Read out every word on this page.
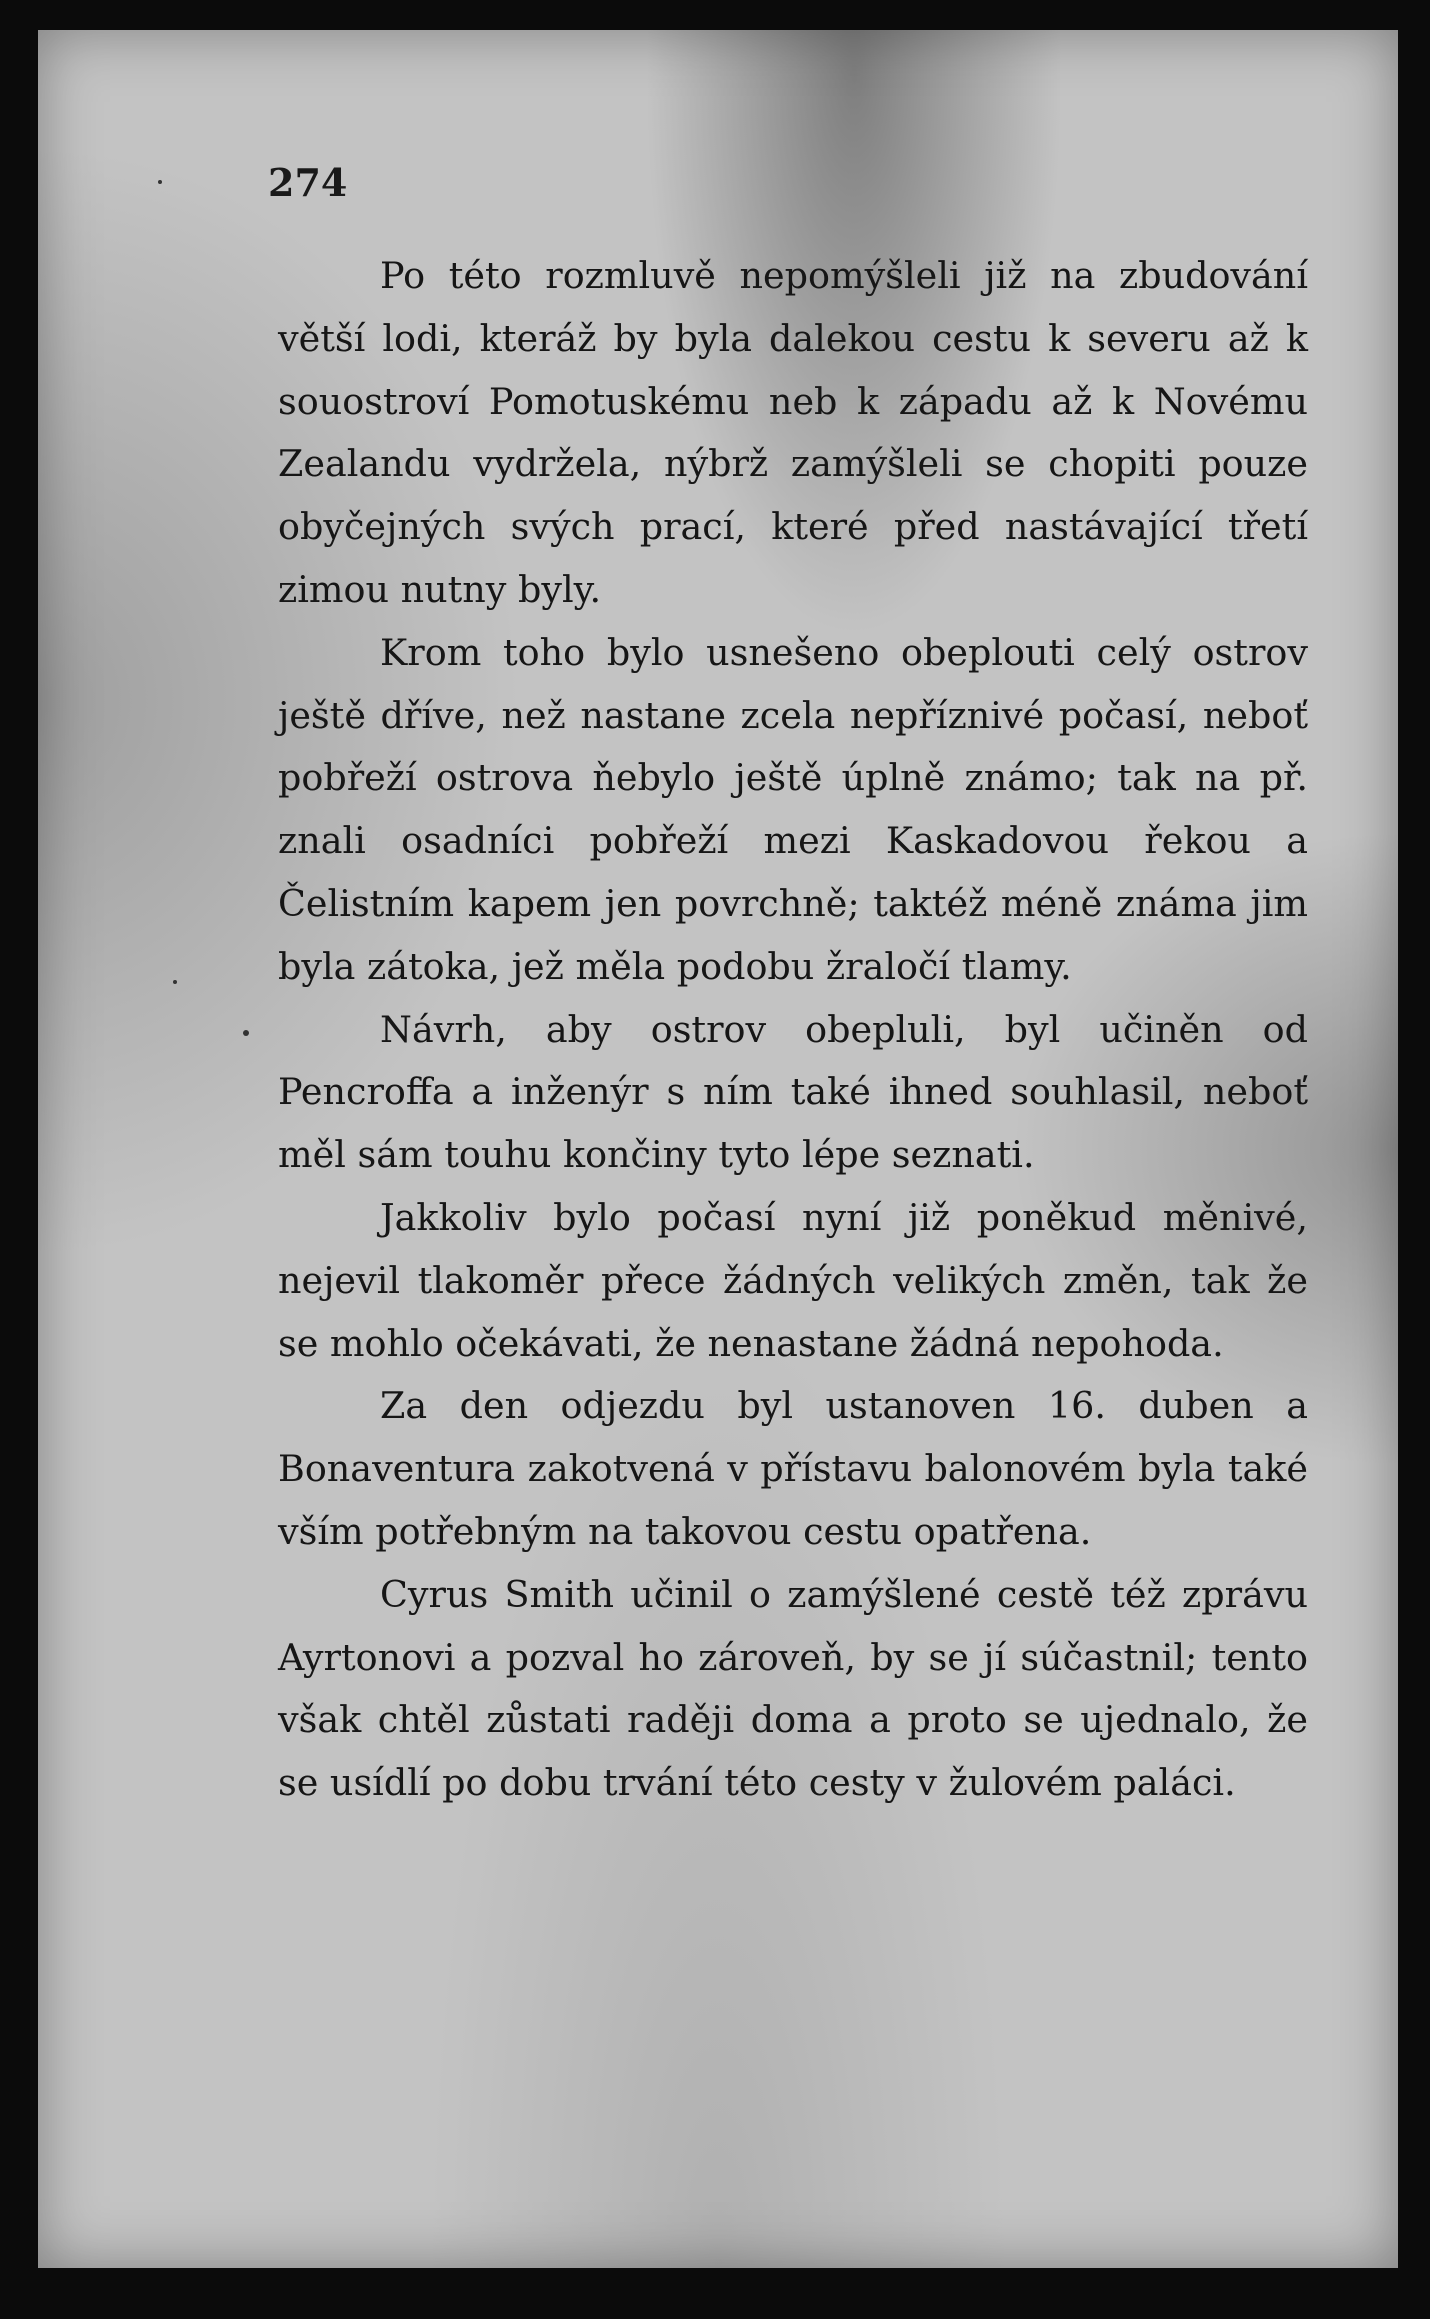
274

Po této rozmluvě nepomýšleli již na zbudování větší lodi, kteráž by byla dalekou cestu k severu až k souostroví Pomotuskému neb k západu až k Novému Zealandu vydržela, nýbrž zamýšleli se chopiti pouze obyčejných svých prací, které před nastávající třetí zimou nutny byly.

Krom toho bylo usnešeno obeplouti celý ostrov ještě dříve, než nastane zcela nepříznivé počasí, neboť pobřeží ostrova ňebylo ještě úplně známo; tak na př. znali osadníci pobřeží mezi Kaskadovou řekou a Čelistním kapem jen povrchně; taktéž méně známa jim byla zátoka, jež měla podobu žraločí tlamy.

Návrh, aby ostrov obepluli, byl učiněn od Pencroffa a inženýr s ním také ihned souhlasil, neboť měl sám touhu končiny tyto lépe seznati.

Jakkoliv bylo počasí nyní již poněkud měnivé, nejevil tlakoměr přece žádných velikých změn, tak že se mohlo očekávati, že nenastane žádná nepohoda.

Za den odjezdu byl ustanoven 16. duben a Bonaventura zakotvená v přístavu balonovém byla také vším potřebným na takovou cestu opatřena.

Cyrus Smith učinil o zamýšlené cestě též zprávu Ayrtonovi a pozval ho zároveň, by se jí súčastnil; tento však chtěl zůstati raději doma a proto se ujednalo, že se usídlí po dobu trvání této cesty v žulovém paláci.
